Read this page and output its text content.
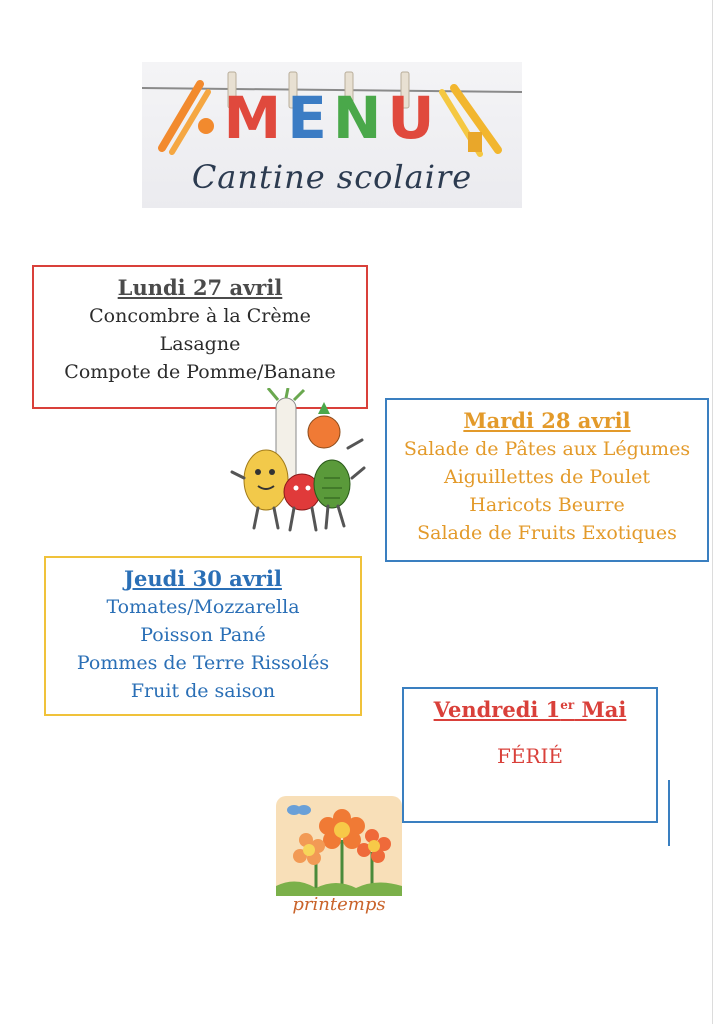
MENU
Cantine scolaire
Lundi 27 avril
Concombre à la Crème
Lasagne
Compote de Pomme/Banane
Mardi 28 avril
Salade de Pâtes aux Légumes
Aiguillettes de Poulet
Haricots Beurre
Salade de Fruits Exotiques
Jeudi 30 avril
Tomates/Mozzarella
Poisson Pané
Pommes de Terre Rissolés
Fruit de saison
Vendredi 1er Mai
FÉRIÉ
printemps
